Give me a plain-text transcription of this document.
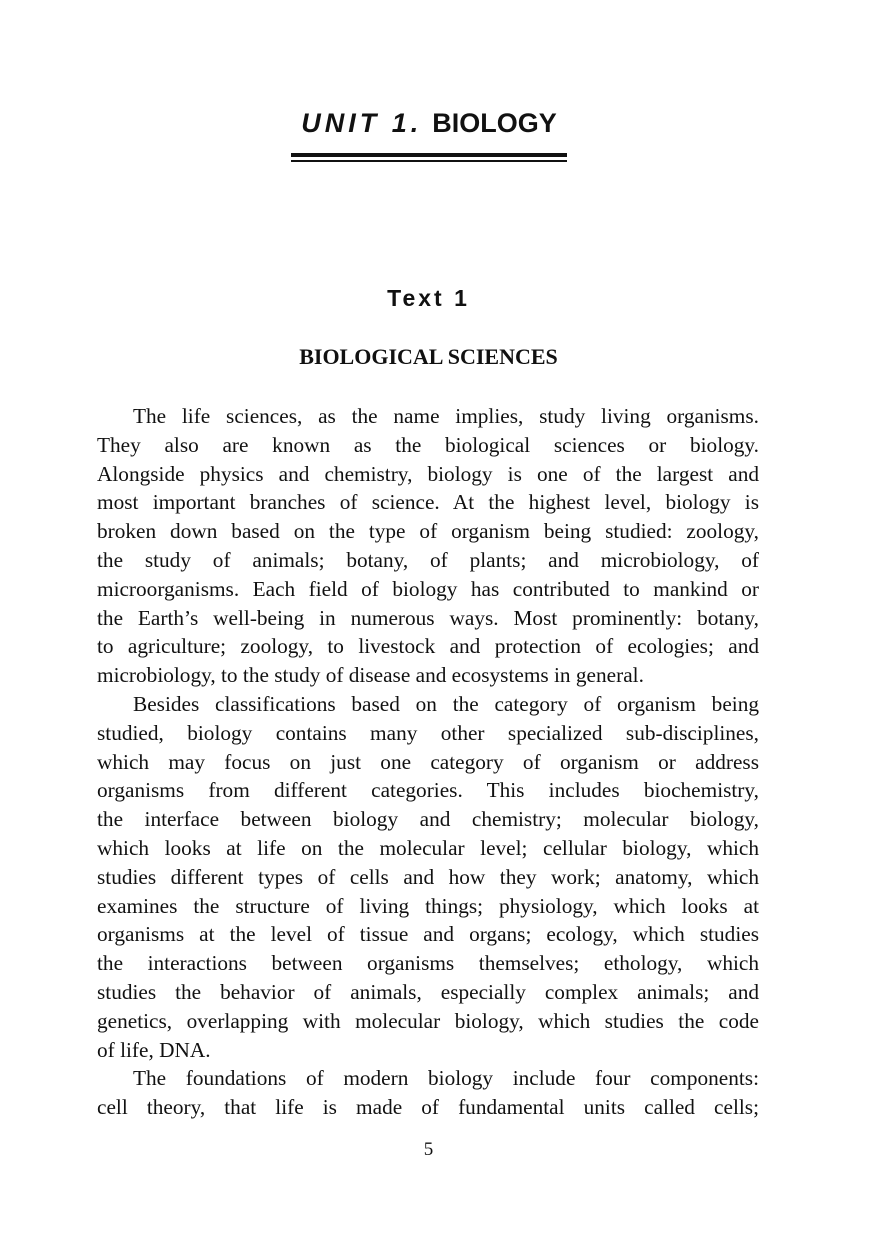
UNIT 1. BIOLOGY
Text 1
BIOLOGICAL SCIENCES
The life sciences, as the name implies, study living organisms.
They also are known as the biological sciences or biology.
Alongside physics and chemistry, biology is one of the largest and
most important branches of science. At the highest level, biology is
broken down based on the type of organism being studied: zoology,
the study of animals; botany, of plants; and microbiology, of
microorganisms. Each field of biology has contributed to mankind or
the Earth’s well-being in numerous ways. Most prominently: botany,
to agriculture; zoology, to livestock and protection of ecologies; and
microbiology, to the study of disease and ecosystems in general.
Besides classifications based on the category of organism being
studied, biology contains many other specialized sub-disciplines,
which may focus on just one category of organism or address
organisms from different categories. This includes biochemistry,
the interface between biology and chemistry; molecular biology,
which looks at life on the molecular level; cellular biology, which
studies different types of cells and how they work; anatomy, which
examines the structure of living things; physiology, which looks at
organisms at the level of tissue and organs; ecology, which studies
the interactions between organisms themselves; ethology, which
studies the behavior of animals, especially complex animals; and
genetics, overlapping with molecular biology, which studies the code
of life, DNA.
The foundations of modern biology include four components:
cell theory, that life is made of fundamental units called cells;
5
